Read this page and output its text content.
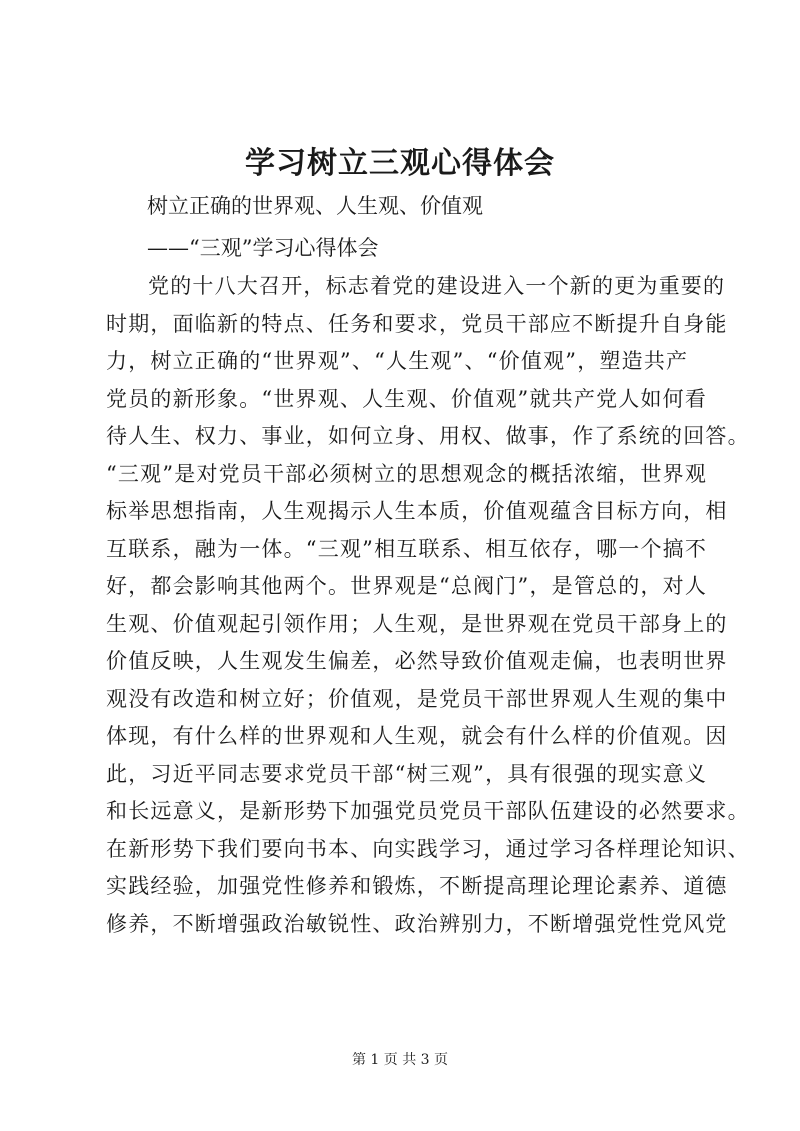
学习树立三观心得体会

树立正确的世界观、人生观、价值观

——“三观”学习心得体会

党的十八大召开，标志着党的建设进入一个新的更为重要的
时期，面临新的特点、任务和要求，党员干部应不断提升自身能
力，树立正确的“世界观”、“人生观”、“价值观”，塑造共产
党员的新形象。“世界观、人生观、价值观”就共产党人如何看
待人生、权力、事业，如何立身、用权、做事，作了系统的回答。
“三观”是对党员干部必须树立的思想观念的概括浓缩，世界观
标举思想指南，人生观揭示人生本质，价值观蕴含目标方向，相
互联系，融为一体。“三观”相互联系、相互依存，哪一个搞不
好，都会影响其他两个。世界观是“总阀门”，是管总的，对人
生观、价值观起引领作用；人生观，是世界观在党员干部身上的
价值反映，人生观发生偏差，必然导致价值观走偏，也表明世界
观没有改造和树立好；价值观，是党员干部世界观人生观的集中
体现，有什么样的世界观和人生观，就会有什么样的价值观。因
此，习近平同志要求党员干部“树三观”，具有很强的现实意义
和长远意义，是新形势下加强党员党员干部队伍建设的必然要求。
在新形势下我们要向书本、向实践学习，通过学习各样理论知识、
实践经验，加强党性修养和锻炼，不断提高理论理论素养、道德
修养，不断增强政治敏锐性、政治辨别力，不断增强党性党风党
第 1 页 共 3 页
